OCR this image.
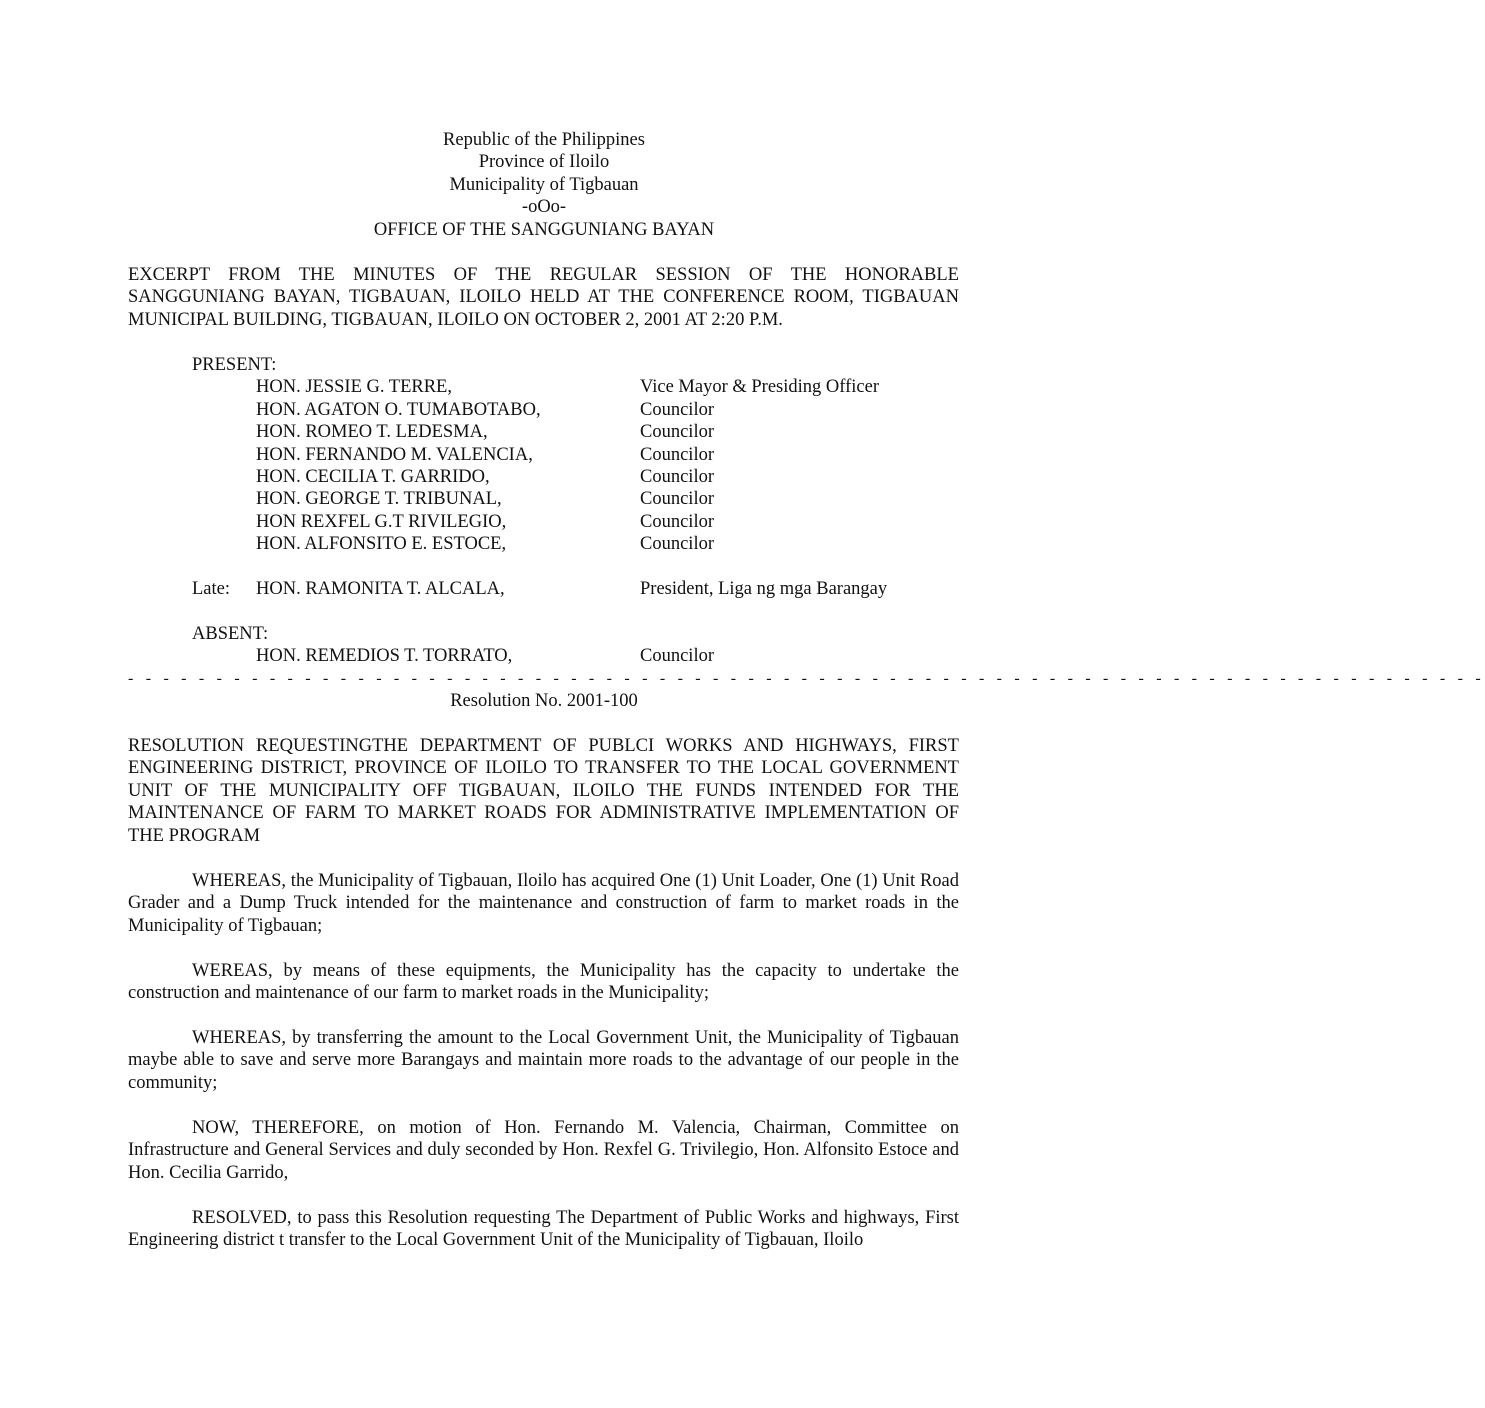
Republic of the Philippines
Province of Iloilo
Municipality of Tigbauan
-oOo-
OFFICE OF THE SANGGUNIANG BAYAN
EXCERPT FROM THE MINUTES OF THE REGULAR SESSION OF THE HONORABLE SANGGUNIANG BAYAN, TIGBAUAN, ILOILO HELD AT THE CONFERENCE ROOM, TIGBAUAN MUNICIPAL BUILDING, TIGBAUAN, ILOILO ON OCTOBER 2, 2001 AT 2:20 P.M.
PRESENT:
HON. JESSIE G. TERRE,	Vice Mayor & Presiding Officer
HON. AGATON O. TUMABOTABO,	Councilor
HON. ROMEO T. LEDESMA,	Councilor
HON. FERNANDO M. VALENCIA,	Councilor
HON. CECILIA T. GARRIDO,	Councilor
HON. GEORGE T. TRIBUNAL,	Councilor
HON REXFEL G.T RIVILEGIO,	Councilor
HON. ALFONSITO E. ESTOCE,	Councilor
Late: HON. RAMONITA T. ALCALA,	President, Liga ng mga Barangay
ABSENT:
HON. REMEDIOS T. TORRATO,	Councilor
- - - - - - - - - - - - - - - - - - - - - - - - - - - - - - - - - - - - - - - - - - - - - - - - - - - - - - - - - - - - - - - - - - - - - - - - - - - - -
Resolution No. 2001-100
RESOLUTION REQUESTINGTHE DEPARTMENT OF PUBLCI WORKS AND HIGHWAYS, FIRST ENGINEERING DISTRICT, PROVINCE OF ILOILO TO TRANSFER TO THE LOCAL GOVERNMENT UNIT OF THE MUNICIPALITY OFF TIGBAUAN, ILOILO THE FUNDS INTENDED FOR THE MAINTENANCE OF FARM TO MARKET ROADS FOR ADMINISTRATIVE IMPLEMENTATION OF THE PROGRAM
WHEREAS, the Municipality of Tigbauan, Iloilo has acquired One (1) Unit Loader, One (1) Unit Road Grader and a Dump Truck intended for the maintenance and construction of farm to market roads in the Municipality of Tigbauan;
WEREAS, by means of these equipments, the Municipality has the capacity to undertake the construction and maintenance of our farm to market roads in the Municipality;
WHEREAS, by transferring the amount to the Local Government Unit, the Municipality of Tigbauan maybe able to save and serve more Barangays and maintain more roads to the advantage of our people in the community;
NOW, THEREFORE, on motion of Hon. Fernando M. Valencia, Chairman, Committee on Infrastructure and General Services and duly seconded by Hon. Rexfel G. Trivilegio, Hon. Alfonsito Estoce and Hon. Cecilia Garrido,
RESOLVED, to pass this Resolution requesting The Department of Public Works and highways, First Engineering district t transfer to the Local Government Unit of the Municipality of Tigbauan, Iloilo
